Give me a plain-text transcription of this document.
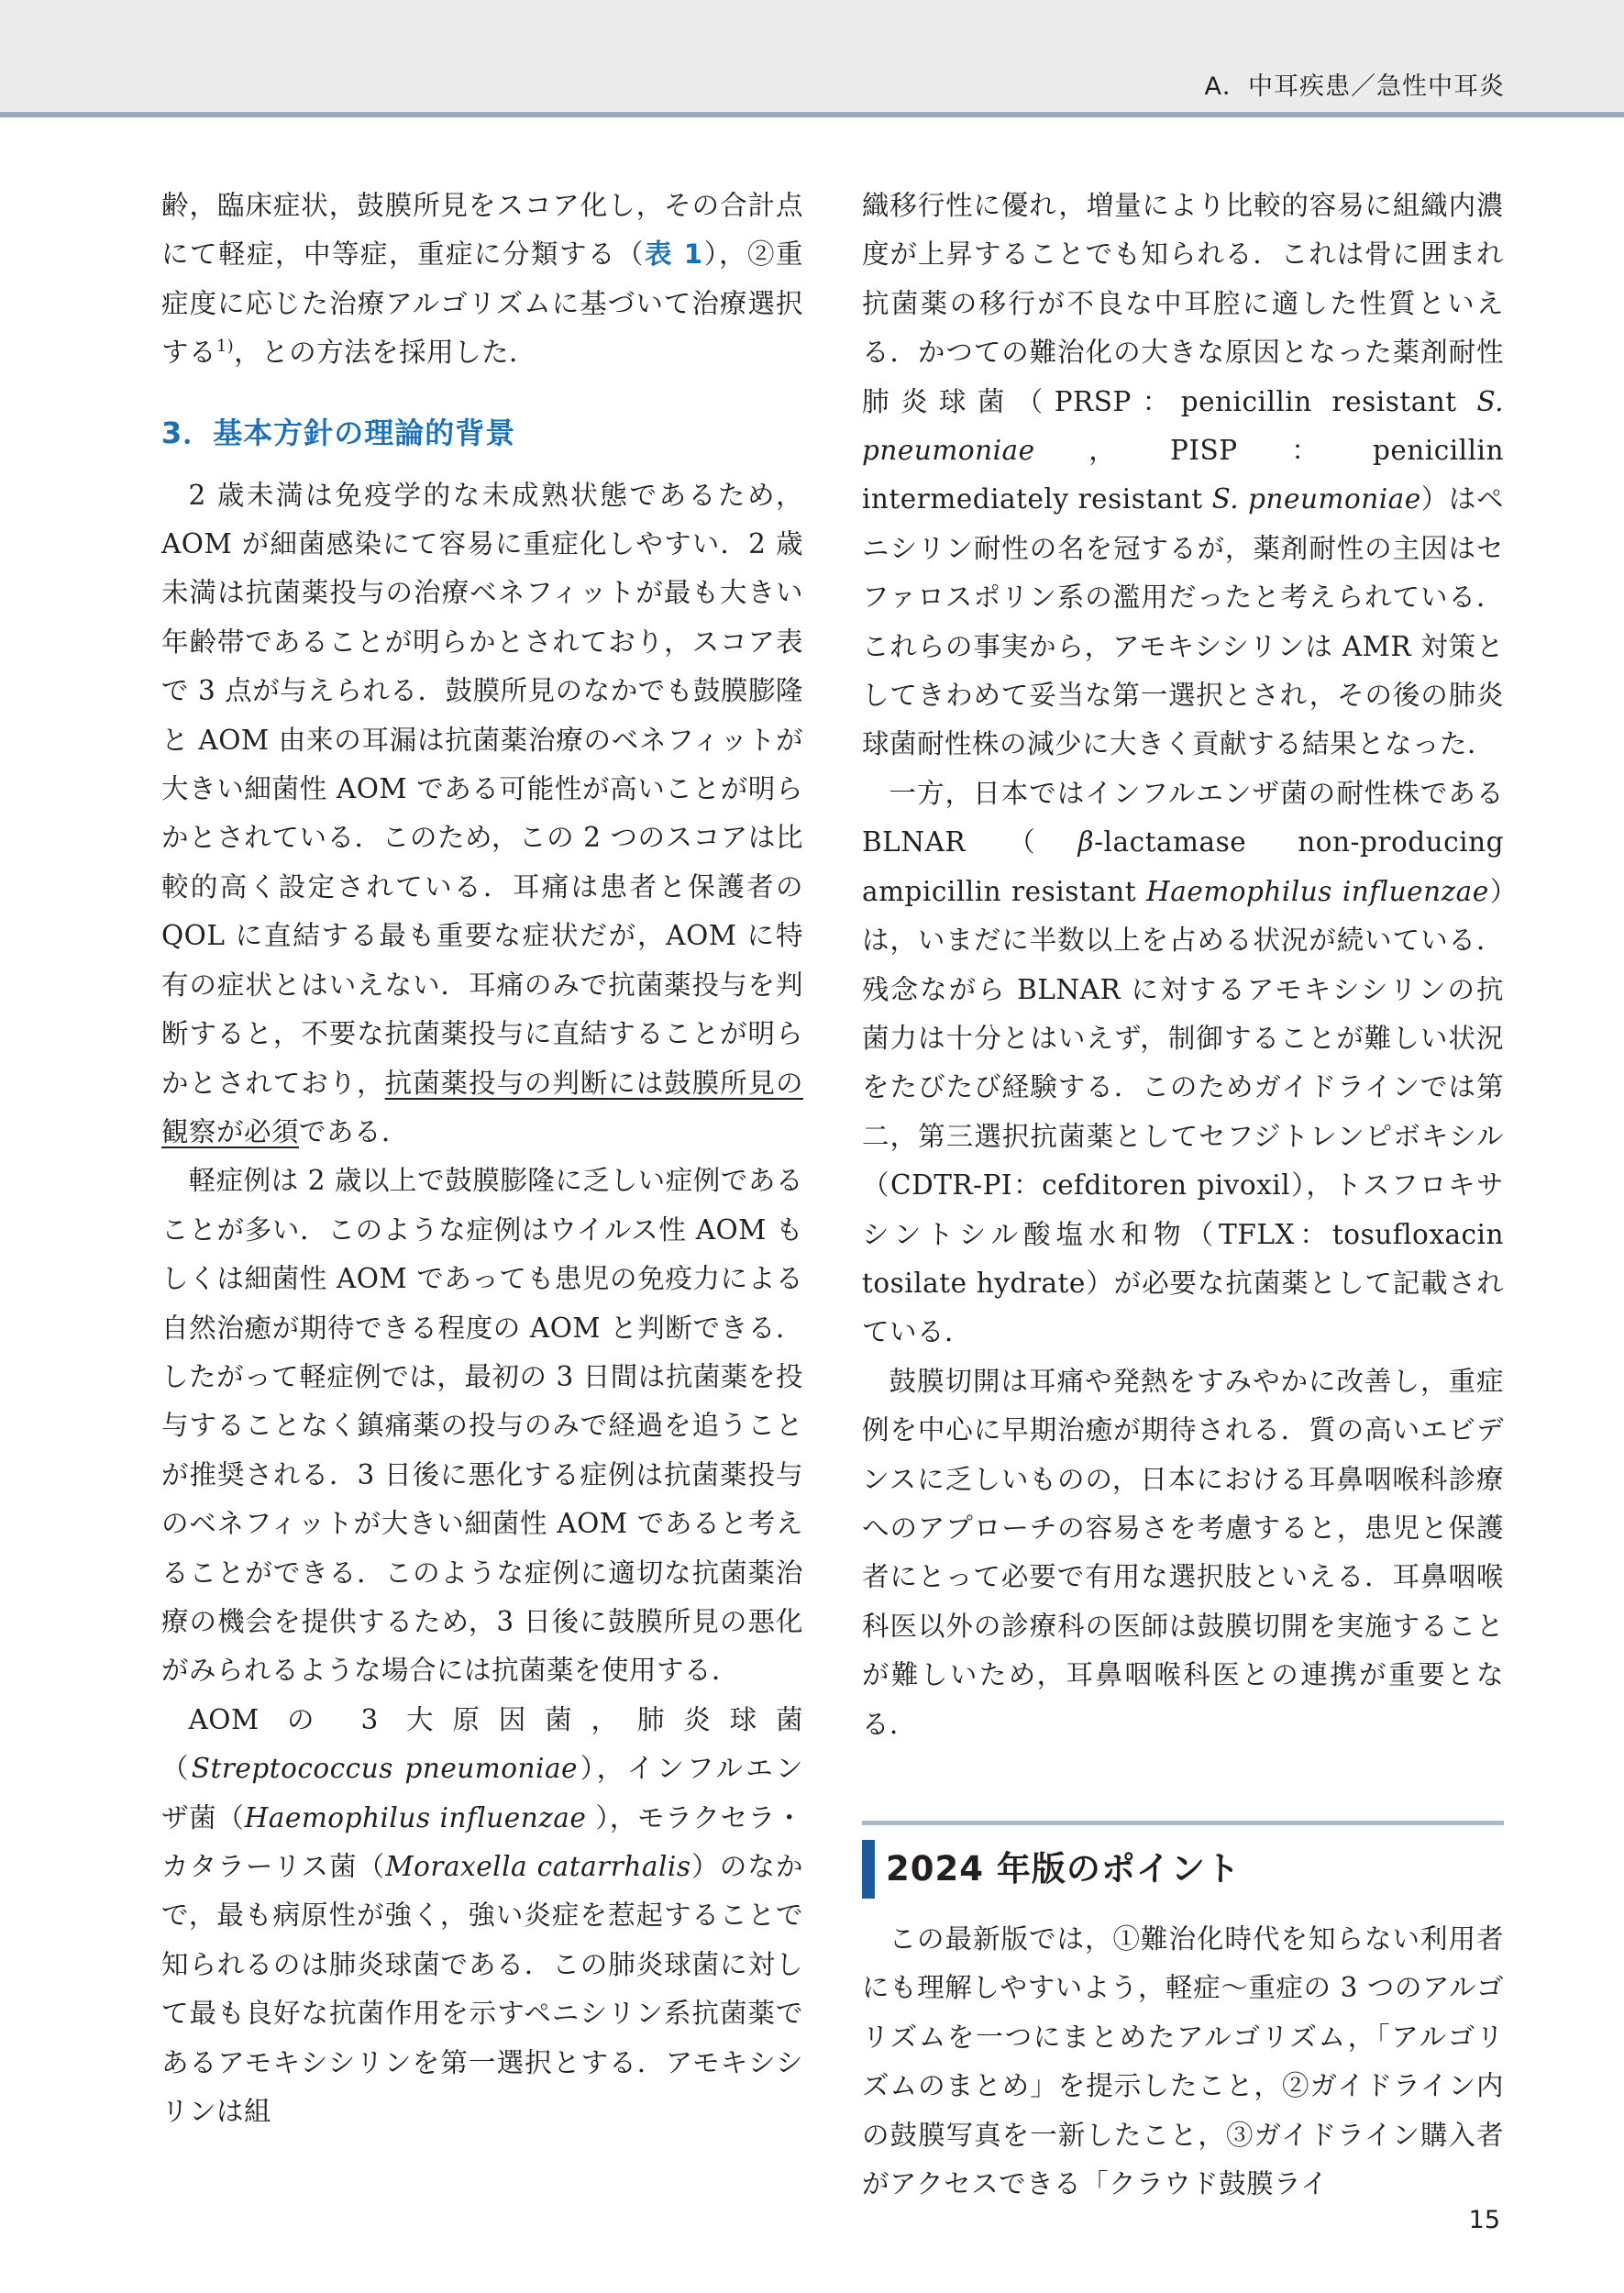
A．中耳疾患／急性中耳炎

齢，臨床症状，鼓膜所見をスコア化し，その合計点にて軽症，中等症，重症に分類する（表 1），②重症度に応じた治療アルゴリズムに基づいて治療選択する$^{1)}$，との方法を採用した．

3．基本方針の理論的背景

2 歳未満は免疫学的な未成熟状態であるため，AOM が細菌感染にて容易に重症化しやすい．2 歳未満は抗菌薬投与の治療ベネフィットが最も大きい年齢帯であることが明らかとされており，スコア表で 3 点が与えられる．鼓膜所見のなかでも鼓膜膨隆と AOM 由来の耳漏は抗菌薬治療のベネフィットが大きい細菌性 AOM である可能性が高いことが明らかとされている．このため，この 2 つのスコアは比較的高く設定されている．耳痛は患者と保護者の QOL に直結する最も重要な症状だが，AOM に特有の症状とはいえない．耳痛のみで抗菌薬投与を判断すると，不要な抗菌薬投与に直結することが明らかとされており，抗菌薬投与の判断には鼓膜所見の観察が必須である．

軽症例は 2 歳以上で鼓膜膨隆に乏しい症例であることが多い．このような症例はウイルス性 AOM もしくは細菌性 AOM であっても患児の免疫力による自然治癒が期待できる程度の AOM と判断できる．したがって軽症例では，最初の 3 日間は抗菌薬を投与することなく鎮痛薬の投与のみで経過を追うことが推奨される．3 日後に悪化する症例は抗菌薬投与のベネフィットが大きい細菌性 AOM であると考えることができる．このような症例に適切な抗菌薬治療の機会を提供するため，3 日後に鼓膜所見の悪化がみられるような場合には抗菌薬を使用する．

AOM の 3 大原因菌，肺炎球菌（Streptococcus pneumoniae），インフルエンザ菌（Haemophilus influenzae ），モラクセラ・カタラーリス菌（Moraxella catarrhalis）のなかで，最も病原性が強く，強い炎症を惹起することで知られるのは肺炎球菌である．この肺炎球菌に対して最も良好な抗菌作用を示すペニシリン系抗菌薬であるアモキシシリンを第一選択とする．アモキシシリンは組

織移行性に優れ，増量により比較的容易に組織内濃度が上昇することでも知られる．これは骨に囲まれ抗菌薬の移行が不良な中耳腔に適した性質といえる．かつての難治化の大きな原因となった薬剤耐性肺炎球菌（PRSP：penicillin resistant S. pneumoniae，PISP：penicillin intermediately resistant S. pneumoniae）はペニシリン耐性の名を冠するが，薬剤耐性の主因はセファロスポリン系の濫用だったと考えられている．これらの事実から，アモキシシリンは AMR 対策としてきわめて妥当な第一選択とされ，その後の肺炎球菌耐性株の減少に大きく貢献する結果となった．

一方，日本ではインフルエンザ菌の耐性株である BLNAR（β-lactamase non-producing ampicillin resistant Haemophilus influenzae）は，いまだに半数以上を占める状況が続いている．残念ながら BLNAR に対するアモキシシリンの抗菌力は十分とはいえず，制御することが難しい状況をたびたび経験する．このためガイドラインでは第二，第三選択抗菌薬としてセフジトレンピボキシル（CDTR-PI：cefditoren pivoxil），トスフロキサシントシル酸塩水和物（TFLX：tosufloxacin tosilate hydrate）が必要な抗菌薬として記載されている．

鼓膜切開は耳痛や発熱をすみやかに改善し，重症例を中心に早期治癒が期待される．質の高いエビデンスに乏しいものの，日本における耳鼻咽喉科診療へのアプローチの容易さを考慮すると，患児と保護者にとって必要で有用な選択肢といえる．耳鼻咽喉科医以外の診療科の医師は鼓膜切開を実施することが難しいため，耳鼻咽喉科医との連携が重要となる．

2024 年版のポイント

この最新版では，①難治化時代を知らない利用者にも理解しやすいよう，軽症～重症の 3 つのアルゴリズムを一つにまとめたアルゴリズム，「アルゴリズムのまとめ」を提示したこと，②ガイドライン内の鼓膜写真を一新したこと，③ガイドライン購入者がアクセスできる「クラウド鼓膜ライ

15
